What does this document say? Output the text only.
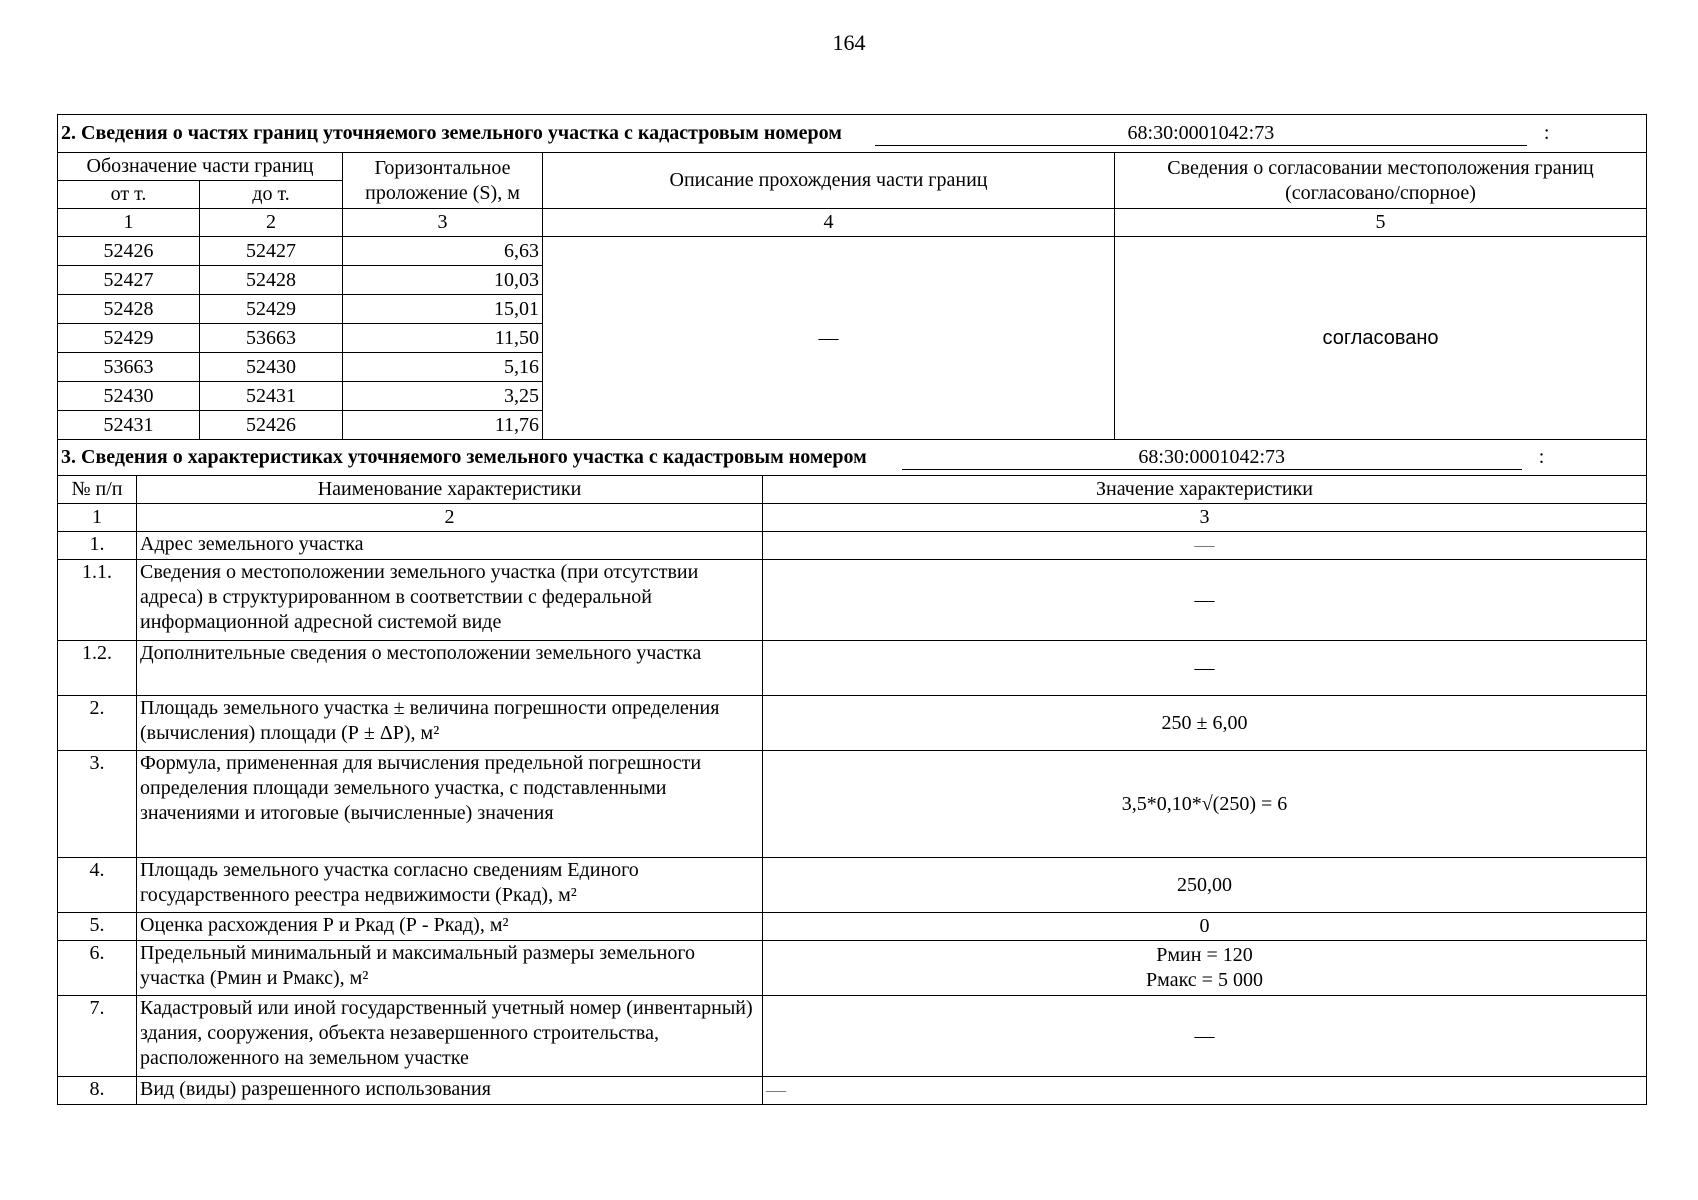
164
2. Сведения о частях границ уточняемого земельного участка с кадастровым номером 68:30:0001042:73 :				
Обозначение части границ		Горизонтальное проложение (S), м	Описание прохождения части границ	Сведения о согласовании местоположения границ (согласовано/спорное)
от т.	до т.			
1	2	3	4	5
52426	52427	6,63	—	согласовано
52427	52428	10,03		
52428	52429	15,01		
52429	53663	11,50		
53663	52430	5,16		
52430	52431	3,25		
52431	52426	11,76		
3. Сведения о характеристиках уточняемого земельного участка с кадастровым номером 68:30:0001042:73 :		
№ п/п	Наименование характеристики	Значение характеристики
1	2	3
1.	Адрес земельного участка	—
1.1.	Сведения о местоположении земельного участка (при отсутствии адреса) в структурированном в соответствии с федеральной информационной адресной системой виде	—
1.2.	Дополнительные сведения о местоположении земельного участка	—
2.	Площадь земельного участка ± величина погрешности определения (вычисления) площади (Р ± ΔР), м²	250 ± 6,00
3.	Формула, примененная для вычисления предельной погрешности определения площади земельного участка, с подставленными значениями и итоговые (вычисленные) значения	3,5*0,10*√(250) = 6
4.	Площадь земельного участка согласно сведениям Единого государственного реестра недвижимости (Ркад), м²	250,00
5.	Оценка расхождения Р и Ркад (Р - Ркад), м²	0
6.	Предельный минимальный и максимальный размеры земельного участка (Рмин и Рмакс), м²	Рмин = 120
Рмакс = 5 000

7.	Кадастровый или иной государственный учетный номер (инвентарный) здания, сооружения, объекта незавершенного строительства, расположенного на земельном участке	—
8.	Вид (виды) разрешенного использования	—
